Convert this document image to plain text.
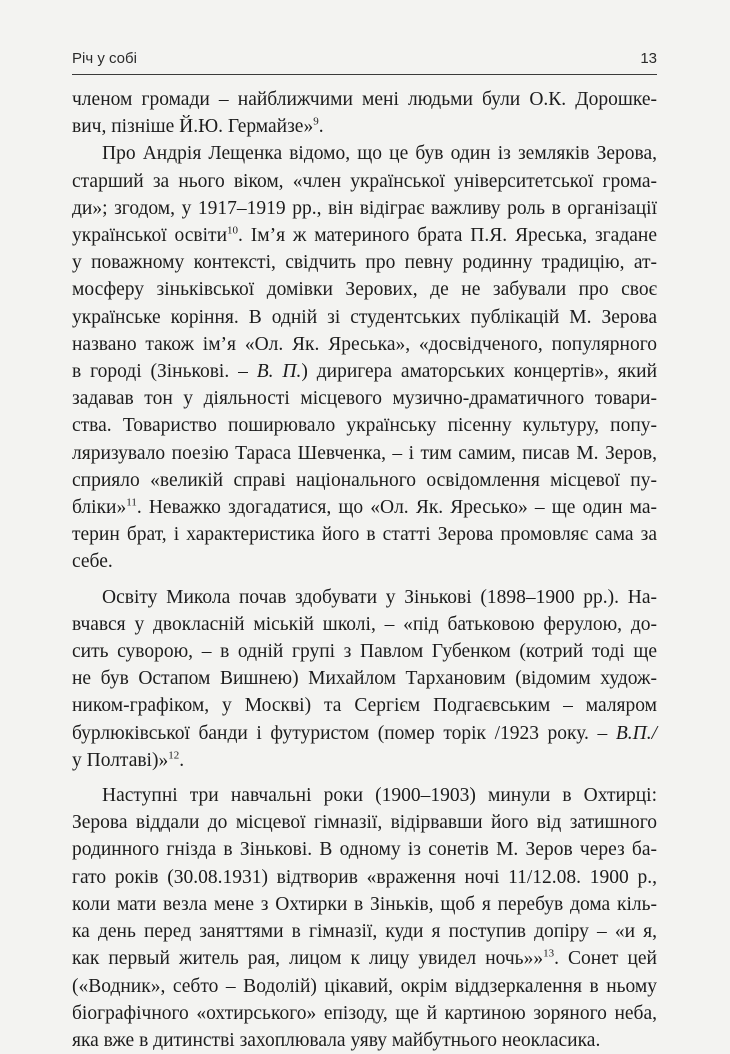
Річ у собі	13
членом громади – найближчими мені людьми були О.К. Дорошке-
вич, пізніше Й.Ю. Гермайзе»$^9$.
Про Андрія Лещенка відомо, що це був один із земляків Зерова,
старший за нього віком, «член української університетської грома-
ди»; згодом, у 1917–1919 рр., він відіграє важливу роль в організації
української освіти$^{10}$. Ім’я ж материного брата П.Я. Яреська, згадане
у поважному контексті, свідчить про певну родинну традицію, ат-
мосферу зіньківської домівки Зерових, де не забували про своє
українське коріння. В одній зі студентських публікацій М. Зерова
названо також ім’я «Ол. Як. Яреська», «досвідченого, популярного
в городі (Зіньковi. – В. П.) диригера аматорських концертів», який
задавав тон у діяльності місцевого музично-драматичного товари-
ства. Товариство поширювало українську пісенну культуру, попу-
ляризувало поезію Тараса Шевченка, – і тим самим, писав М. Зеров,
сприяло «великій справі національного освідомлення місцевої пу-
бліки»$^{11}$. Неважко здогадатися, що «Ол. Як. Яресько» – ще один ма-
терин брат, і характеристика його в статті Зерова промовляє сама за
себе.
Освіту Микола почав здобувати у Зінькові (1898–1900 рр.). На-
вчався у двокласній міській школі, – «під батьковою ферулою, до-
сить суворою, – в одній групі з Павлом Губенком (котрий тоді ще
не був Остапом Вишнею) Михайлом Тархановим (відомим худож-
ником-графіком, у Москві) та Сергієм Подгаєвським – маляром
бурлюківської банди і футуристом (помер торік /1923 року. – В.П./
у Полтаві)»$^{12}$.
Наступні три навчальні роки (1900–1903) минули в Охтирці:
Зерова віддали до місцевої гімназії, відірвавши його від затишного
родинного гнізда в Зінькові. В одному із сонетів М. Зеров через ба-
гато років (30.08.1931) відтворив «враження ночі 11/12.08. 1900 р.,
коли мати везла мене з Охтирки в Зіньків, щоб я перебув дома кіль-
ка день перед заняттями в гімназії, куди я поступив допіру – «и я,
как первый житель рая, лицом к лицу увидел ночь»»$^{13}$. Сонет цей
(«Водник», себто – Водолій) цікавий, окрім віддзеркалення в ньому
біографічного «охтирського» епізоду, ще й картиною зоряного неба,
яка вже в дитинстві захоплювала уяву майбутнього неокласика.
